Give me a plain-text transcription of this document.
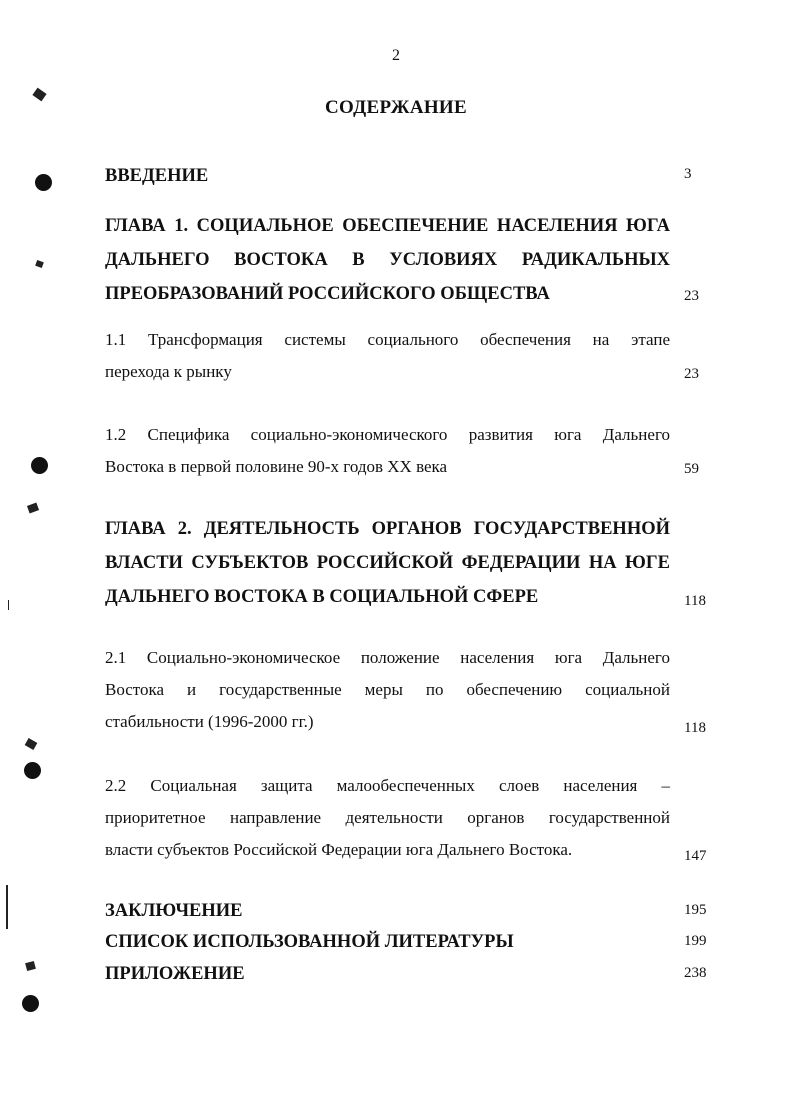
2
СОДЕРЖАНИЕ
ВВЕДЕНИЕ	3
ГЛАВА 1. СОЦИАЛЬНОЕ ОБЕСПЕЧЕНИЕ НАСЕЛЕНИЯ ЮГА
ДАЛЬНЕГО ВОСТОКА В УСЛОВИЯХ РАДИКАЛЬНЫХ
ПРЕОБРАЗОВАНИЙ РОССИЙСКОГО ОБЩЕСТВА	23
1.1 Трансформация системы социального обеспечения на этапе
перехода к рынку	23
1.2 Специфика социально-экономического развития юга Дальнего
Востока в первой половине 90-х годов XX века	59
ГЛАВА 2. ДЕЯТЕЛЬНОСТЬ ОРГАНОВ ГОСУДАРСТВЕННОЙ
ВЛАСТИ СУБЪЕКТОВ РОССИЙСКОЙ ФЕДЕРАЦИИ НА ЮГЕ
ДАЛЬНЕГО ВОСТОКА В СОЦИАЛЬНОЙ СФЕРЕ	118
2.1 Социально-экономическое положение населения юга Дальнего
Востока и государственные меры по обеспечению социальной
стабильности (1996-2000 гг.)	118
2.2 Социальная защита малообеспеченных слоев населения –
приоритетное направление деятельности органов государственной
власти субъектов Российской Федерации юга Дальнего Востока.	147
ЗАКЛЮЧЕНИЕ	195
СПИСОК ИСПОЛЬЗОВАННОЙ ЛИТЕРАТУРЫ	199
ПРИЛОЖЕНИЕ	238
